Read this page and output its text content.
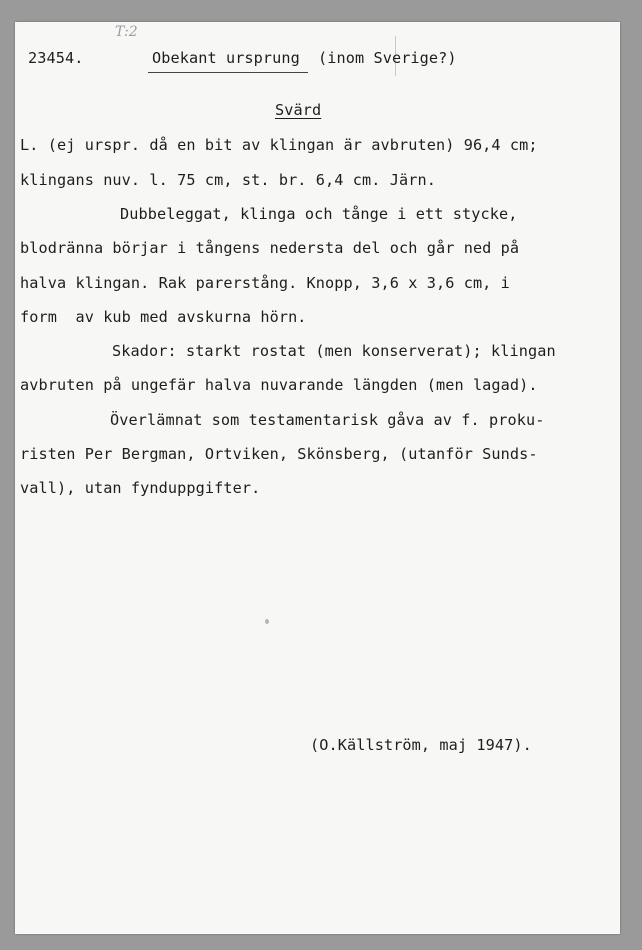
T:2
23454.	Obekant ursprung (inom Sverige?)
Svärd
L. (ej urspr. då en bit av klingan är avbruten) 96,4 cm;
klingans nuv. l. 75 cm, st. br. 6,4 cm. Järn.
Dubbeleggat, klinga och tånge i ett stycke,
blodränna börjar i tångens nedersta del och går ned på
halva klingan. Rak parerstång. Knopp, 3,6 x 3,6 cm, i
form  av kub med avskurna hörn.
Skador: starkt rostat (men konserverat); klingan
avbruten på ungefär halva nuvarande längden (men lagad).
Överlämnat som testamentarisk gåva av f. proku-
risten Per Bergman, Ortviken, Skönsberg, (utanför Sunds-
vall), utan fynduppgifter.
(O.Källström, maj 1947).
